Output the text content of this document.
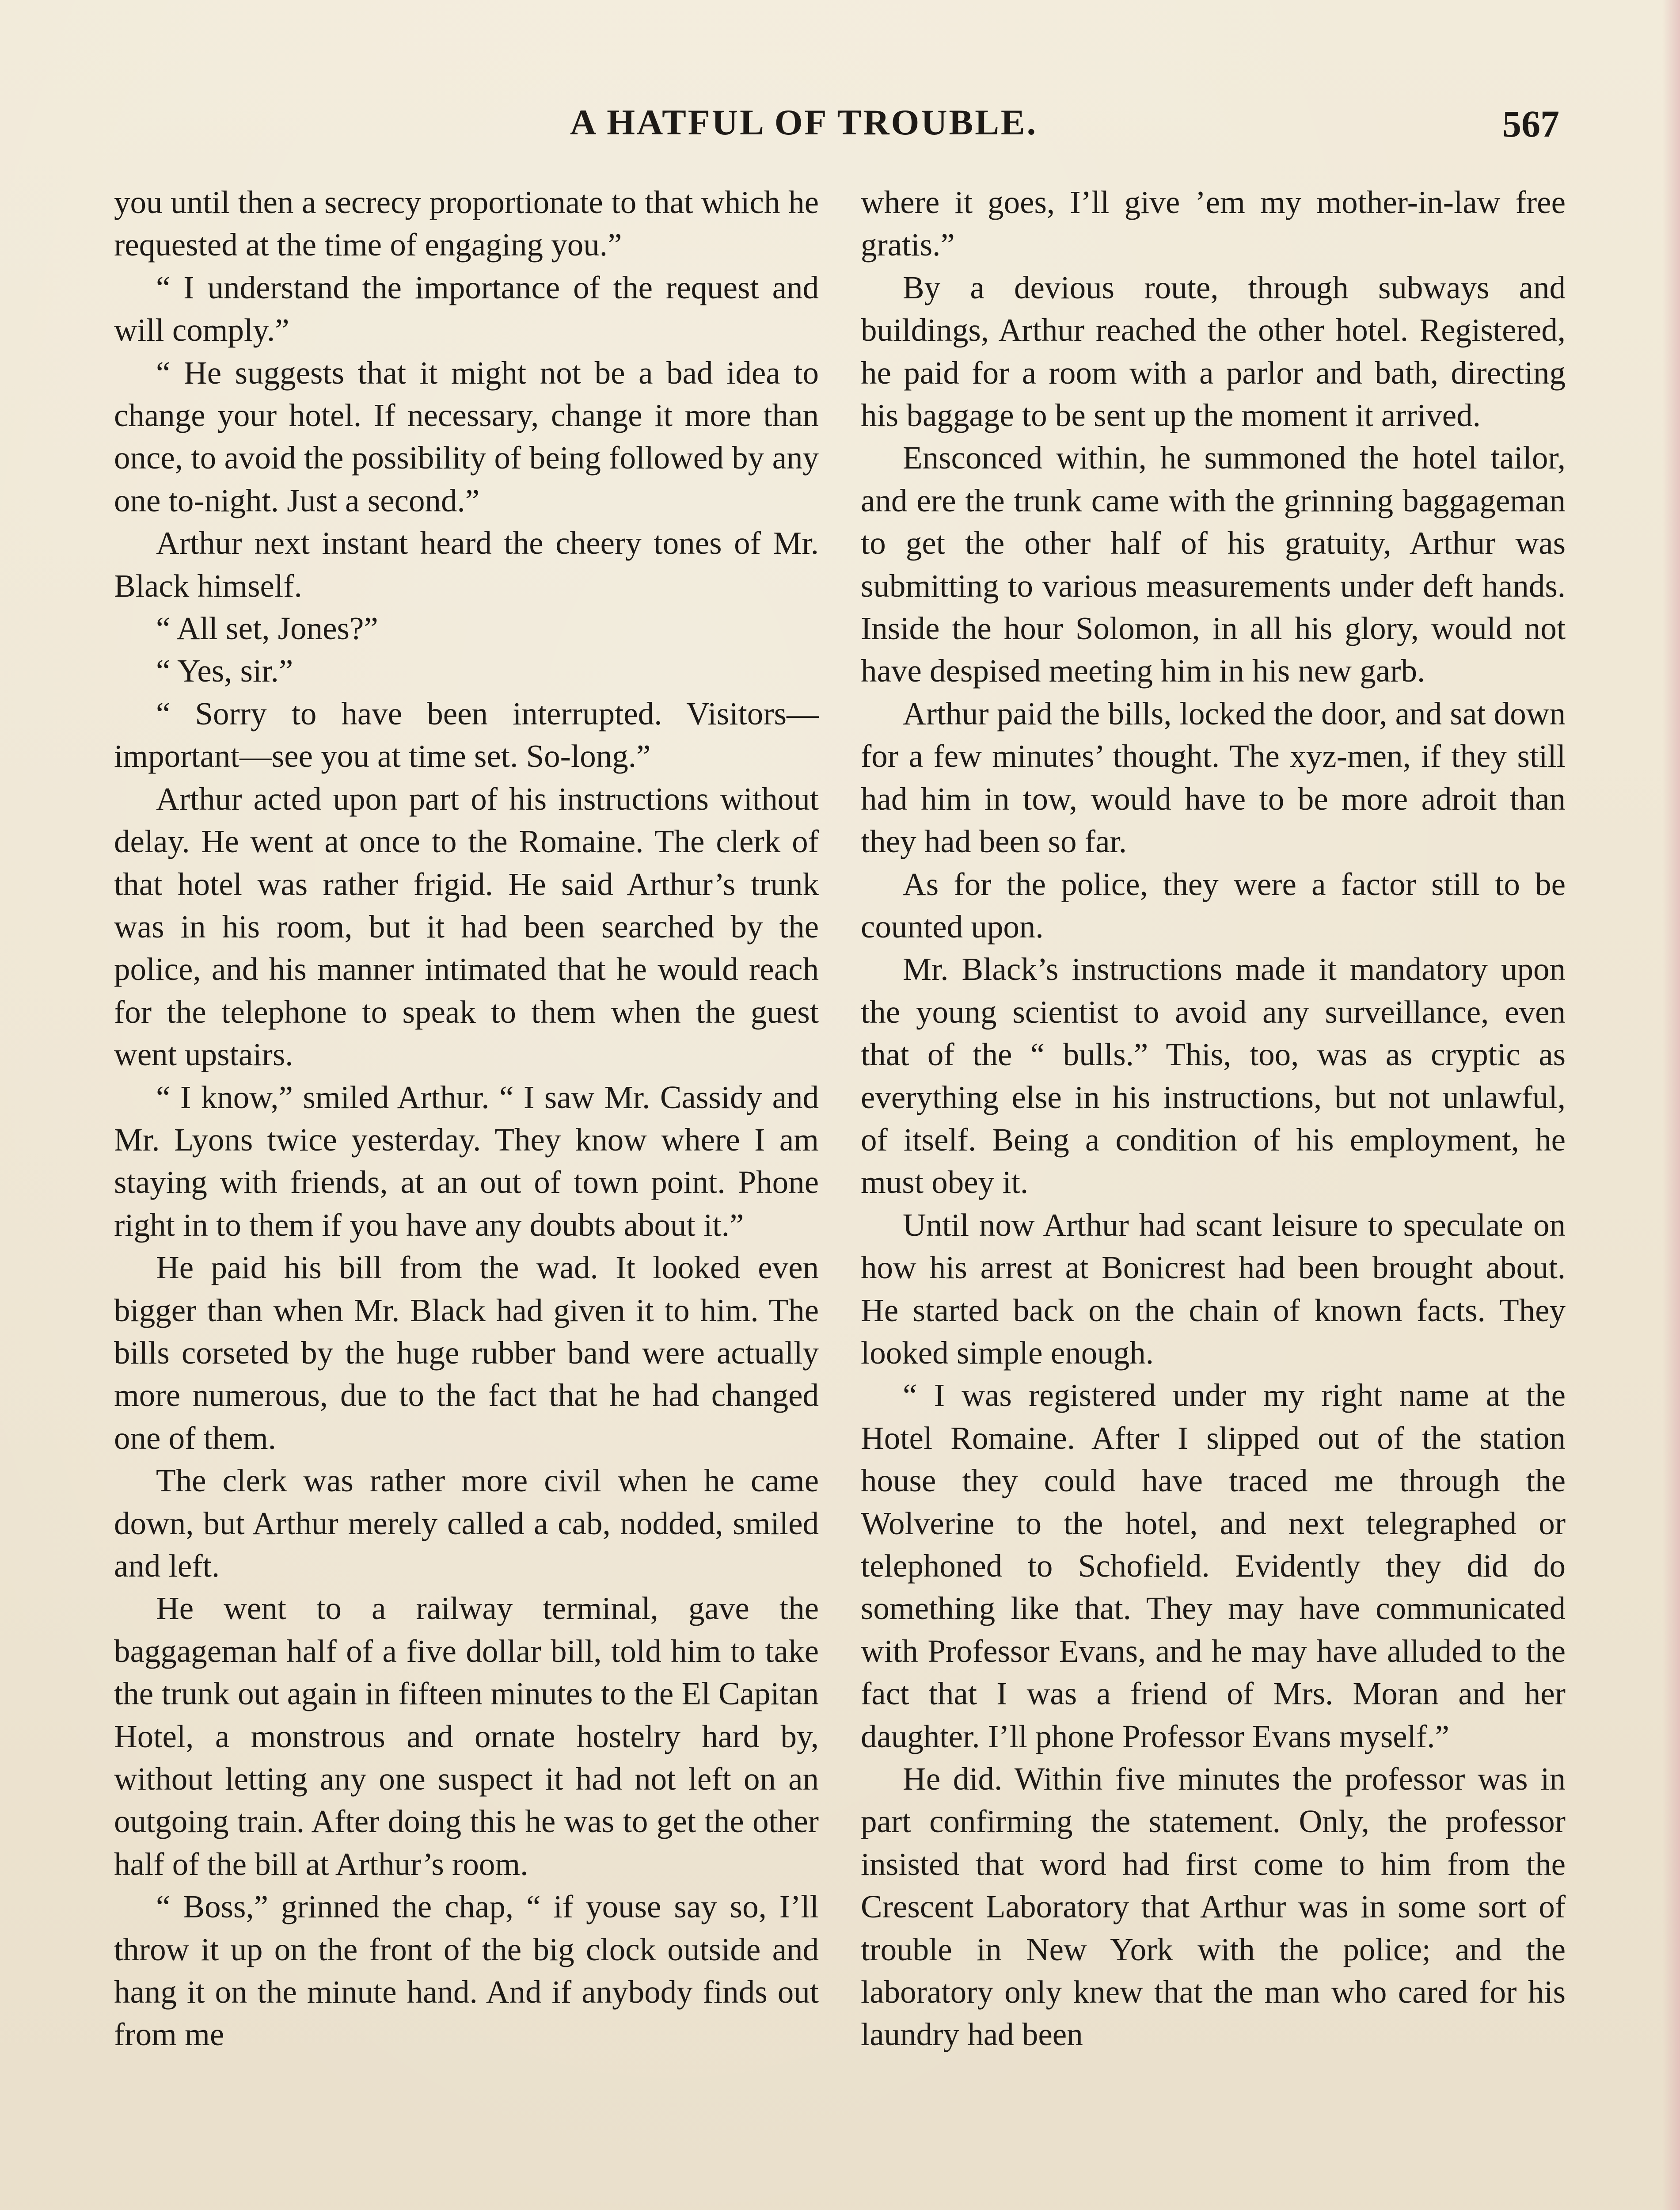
A HATFUL OF TROUBLE.	567

you until then a secrecy proportionate to that which he requested at the time of engaging you.”

“ I understand the importance of the request and will comply.”

“ He suggests that it might not be a bad idea to change your hotel. If necessary, change it more than once, to avoid the possibility of being followed by any one to-night. Just a second.”

Arthur next instant heard the cheery tones of Mr. Black himself.

“ All set, Jones?”

“ Yes, sir.”

“ Sorry to have been interrupted. Visitors—important—see you at time set. So-long.”

Arthur acted upon part of his instructions without delay. He went at once to the Romaine. The clerk of that hotel was rather frigid. He said Arthur’s trunk was in his room, but it had been searched by the police, and his manner intimated that he would reach for the telephone to speak to them when the guest went upstairs.

“ I know,” smiled Arthur. “ I saw Mr. Cassidy and Mr. Lyons twice yesterday. They know where I am staying with friends, at an out of town point. Phone right in to them if you have any doubts about it.”

He paid his bill from the wad. It looked even bigger than when Mr. Black had given it to him. The bills corseted by the huge rubber band were actually more numerous, due to the fact that he had changed one of them.

The clerk was rather more civil when he came down, but Arthur merely called a cab, nodded, smiled and left.

He went to a railway terminal, gave the baggageman half of a five dollar bill, told him to take the trunk out again in fifteen minutes to the El Capitan Hotel, a monstrous and ornate hostelry hard by, without letting any one suspect it had not left on an outgoing train. After doing this he was to get the other half of the bill at Arthur’s room.

“ Boss,” grinned the chap, “ if youse say so, I’ll throw it up on the front of the big clock outside and hang it on the minute hand. And if anybody finds out from me

where it goes, I’ll give ’em my mother-in-law free gratis.”

By a devious route, through subways and buildings, Arthur reached the other hotel. Registered, he paid for a room with a parlor and bath, directing his baggage to be sent up the moment it arrived.

Ensconced within, he summoned the hotel tailor, and ere the trunk came with the grinning baggageman to get the other half of his gratuity, Arthur was submitting to various measurements under deft hands. Inside the hour Solomon, in all his glory, would not have despised meeting him in his new garb.

Arthur paid the bills, locked the door, and sat down for a few minutes’ thought. The xyz-men, if they still had him in tow, would have to be more adroit than they had been so far.

As for the police, they were a factor still to be counted upon.

Mr. Black’s instructions made it mandatory upon the young scientist to avoid any surveillance, even that of the “ bulls.” This, too, was as cryptic as everything else in his instructions, but not unlawful, of itself. Being a condition of his employment, he must obey it.

Until now Arthur had scant leisure to speculate on how his arrest at Bonicrest had been brought about. He started back on the chain of known facts. They looked simple enough.

“ I was registered under my right name at the Hotel Romaine. After I slipped out of the station house they could have traced me through the Wolverine to the hotel, and next telegraphed or telephoned to Schofield. Evidently they did do something like that. They may have communicated with Professor Evans, and he may have alluded to the fact that I was a friend of Mrs. Moran and her daughter. I’ll phone Professor Evans myself.”

He did. Within five minutes the professor was in part confirming the statement. Only, the professor insisted that word had first come to him from the Crescent Laboratory that Arthur was in some sort of trouble in New York with the police; and the laboratory only knew that the man who cared for his laundry had been
